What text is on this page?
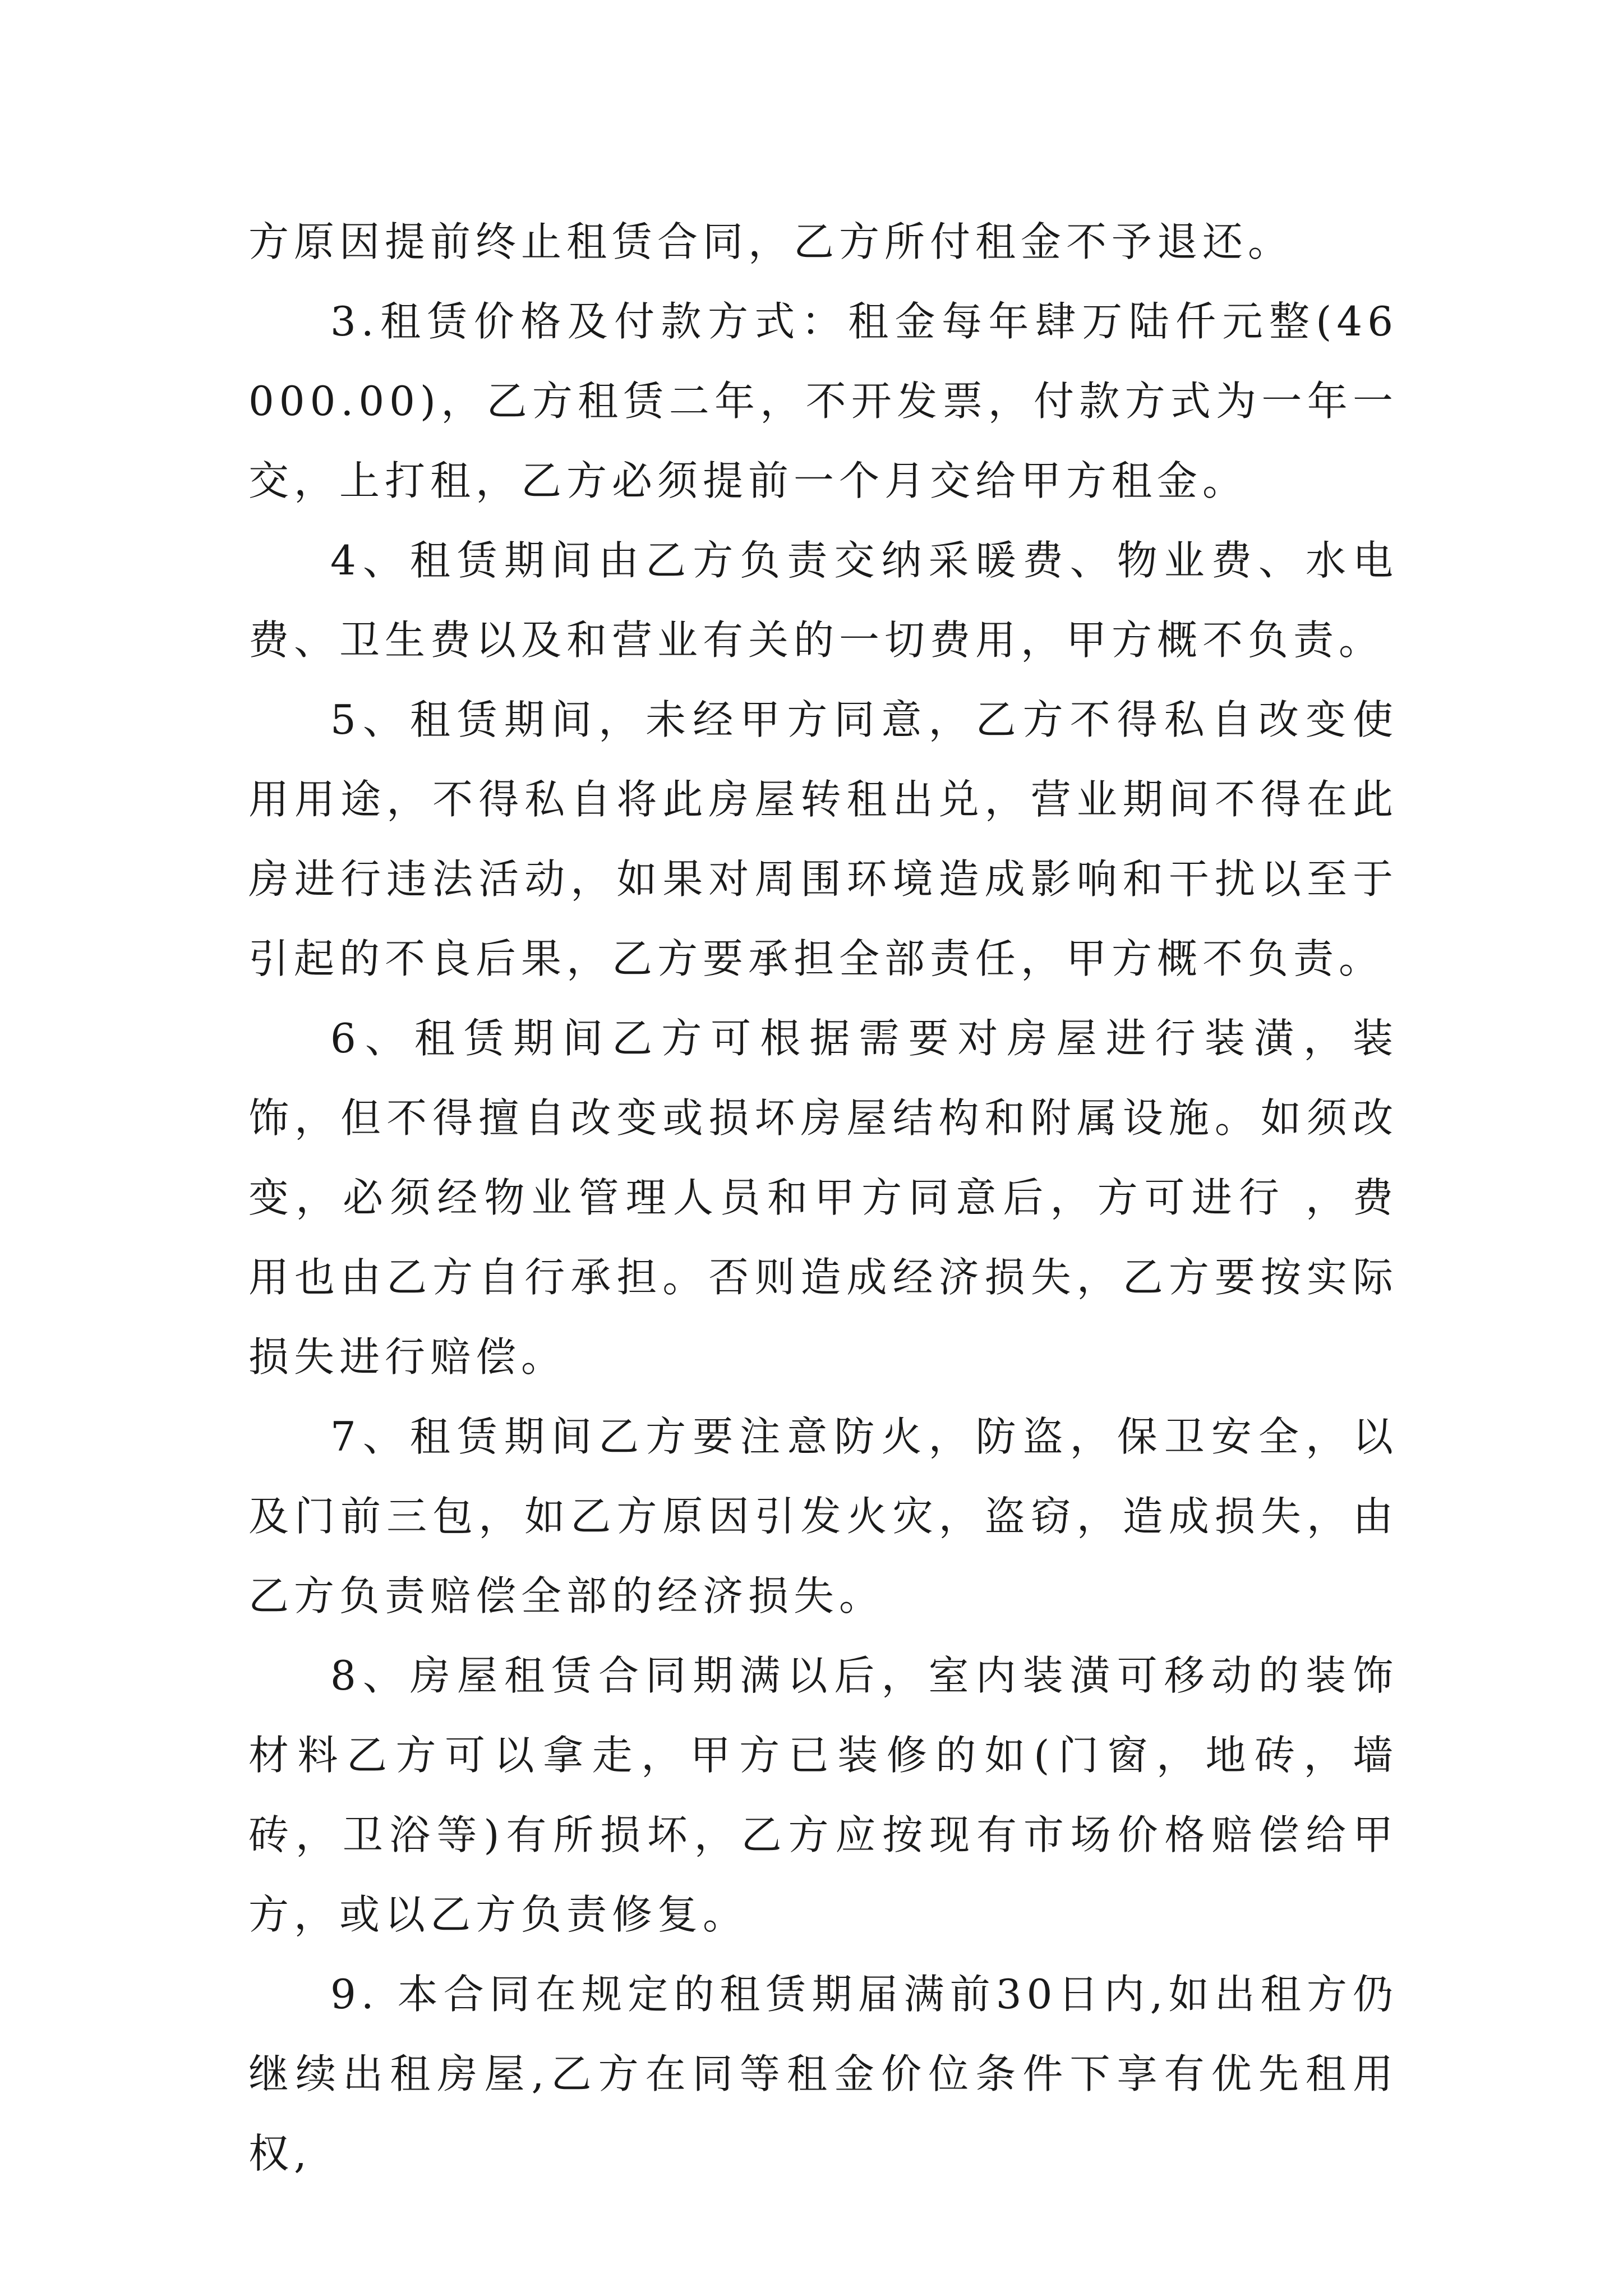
方原因提前终止租赁合同，乙方所付租金不予退还。

3.租赁价格及付款方式：租金每年肆万陆仟元整(46000.00)，乙方租赁二年，不开发票，付款方式为一年一交，上打租，乙方必须提前一个月交给甲方租金。

4、租赁期间由乙方负责交纳采暖费、物业费、水电费、卫生费以及和营业有关的一切费用，甲方概不负责。

5、租赁期间，未经甲方同意，乙方不得私自改变使用用途，不得私自将此房屋转租出兑，营业期间不得在此房进行违法活动，如果对周围环境造成影响和干扰以至于引起的不良后果，乙方要承担全部责任，甲方概不负责。

6、租赁期间乙方可根据需要对房屋进行装潢，装饰，但不得擅自改变或损坏房屋结构和附属设施。如须改变，必须经物业管理人员和甲方同意后，方可进行 ，费用也由乙方自行承担。否则造成经济损失，乙方要按实际损失进行赔偿。

7、租赁期间乙方要注意防火，防盗，保卫安全，以及门前三包，如乙方原因引发火灾，盗窃，造成损失，由乙方负责赔偿全部的经济损失。

8、房屋租赁合同期满以后，室内装潢可移动的装饰材料乙方可以拿走，甲方已装修的如(门窗，地砖，墙砖，卫浴等)有所损坏，乙方应按现有市场价格赔偿给甲方，或以乙方负责修复。

9. 本合同在规定的租赁期届满前30日内,如出租方仍继续出租房屋,乙方在同等租金价位条件下享有优先租用权,
